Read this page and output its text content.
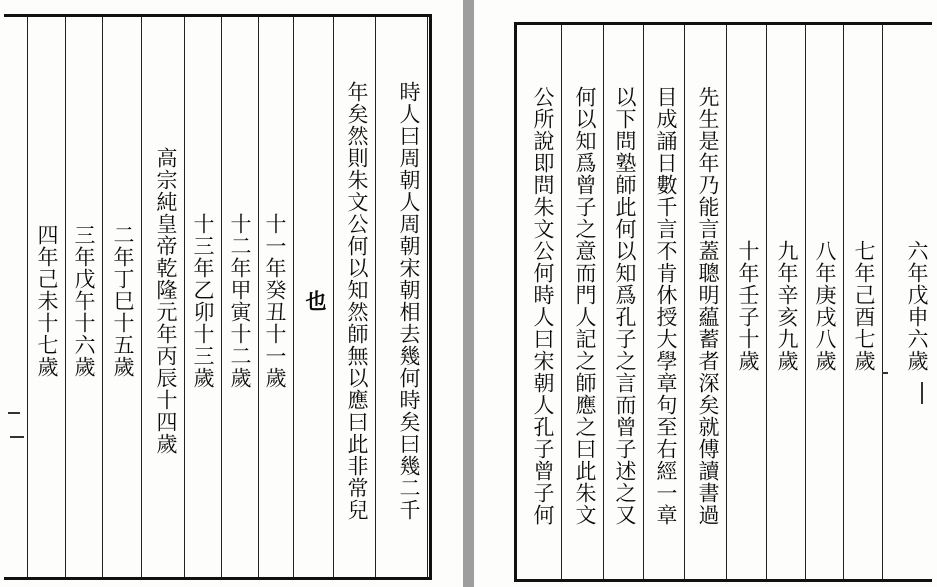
時人曰周朝人周朝宋朝相去幾何時矣曰幾二千
年矣然則朱文公何以知然師無以應曰此非常兒
也
十一年癸丑十一歲
十二年甲寅十二歲
十三年乙卯十三歲
高宗純皇帝乾隆元年丙辰十四歲
二年丁巳十五歲
三年戊午十六歲
四年己未十七歲	六年戊申六歲
七年己酉七歲
八年庚戌八歲
九年辛亥九歲
十年壬子十歲
先生是年乃能言蓋聰明藴蓄者深矣就傅讀書過
目成誦日數千言不肯休授大學章句至右經一章
以下問塾師此何以知爲孔子之言而曾子述之又
何以知爲曾子之意而門人記之師應之曰此朱文
公所說即問朱文公何時人曰宋朝人孔子曾子何
